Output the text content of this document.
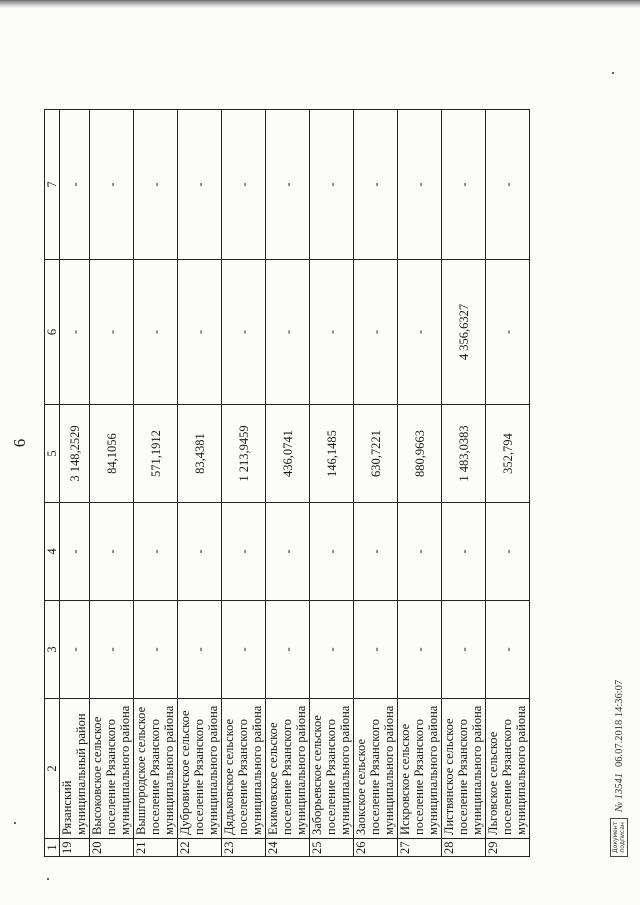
6
1	2	3	4	5	6	7
19	Рязанский муниципальный район	-	-	3 148,2529	-	-
20	Высоковское сельское поселение Рязанского муниципального района	-	-	84,1056	-	-
21	Вышгородское сельское поселение Рязанского муниципального района	-	-	571,1912	-	-
22	Дубровичское сельское поселение Рязанского муниципального района	-	-	83,4381	-	-
23	Дядьковское сельское поселение Рязанского муниципального района	-	-	1 213,9459	-	-
24	Екимовское сельское поселение Рязанского муниципального района	-	-	436,0741	-	-
25	Заборьевское сельское поселение Рязанского муниципального района	-	-	146,1485	-	-
26	Заокское сельское поселение Рязанского муниципального района	-	-	630,7221	-	-
27	Искровское сельское поселение Рязанского муниципального района	-	-	880,9663	-	-
28	Листвянское сельское поселение Рязанского муниципального района	-	-	1 483,0383	4 356,6327	-
29	Льговское сельское поселение Рязанского муниципального района	-	-	352,794	-	-
Документ подписан
№ 13541
06.07.2018 14:36:07
